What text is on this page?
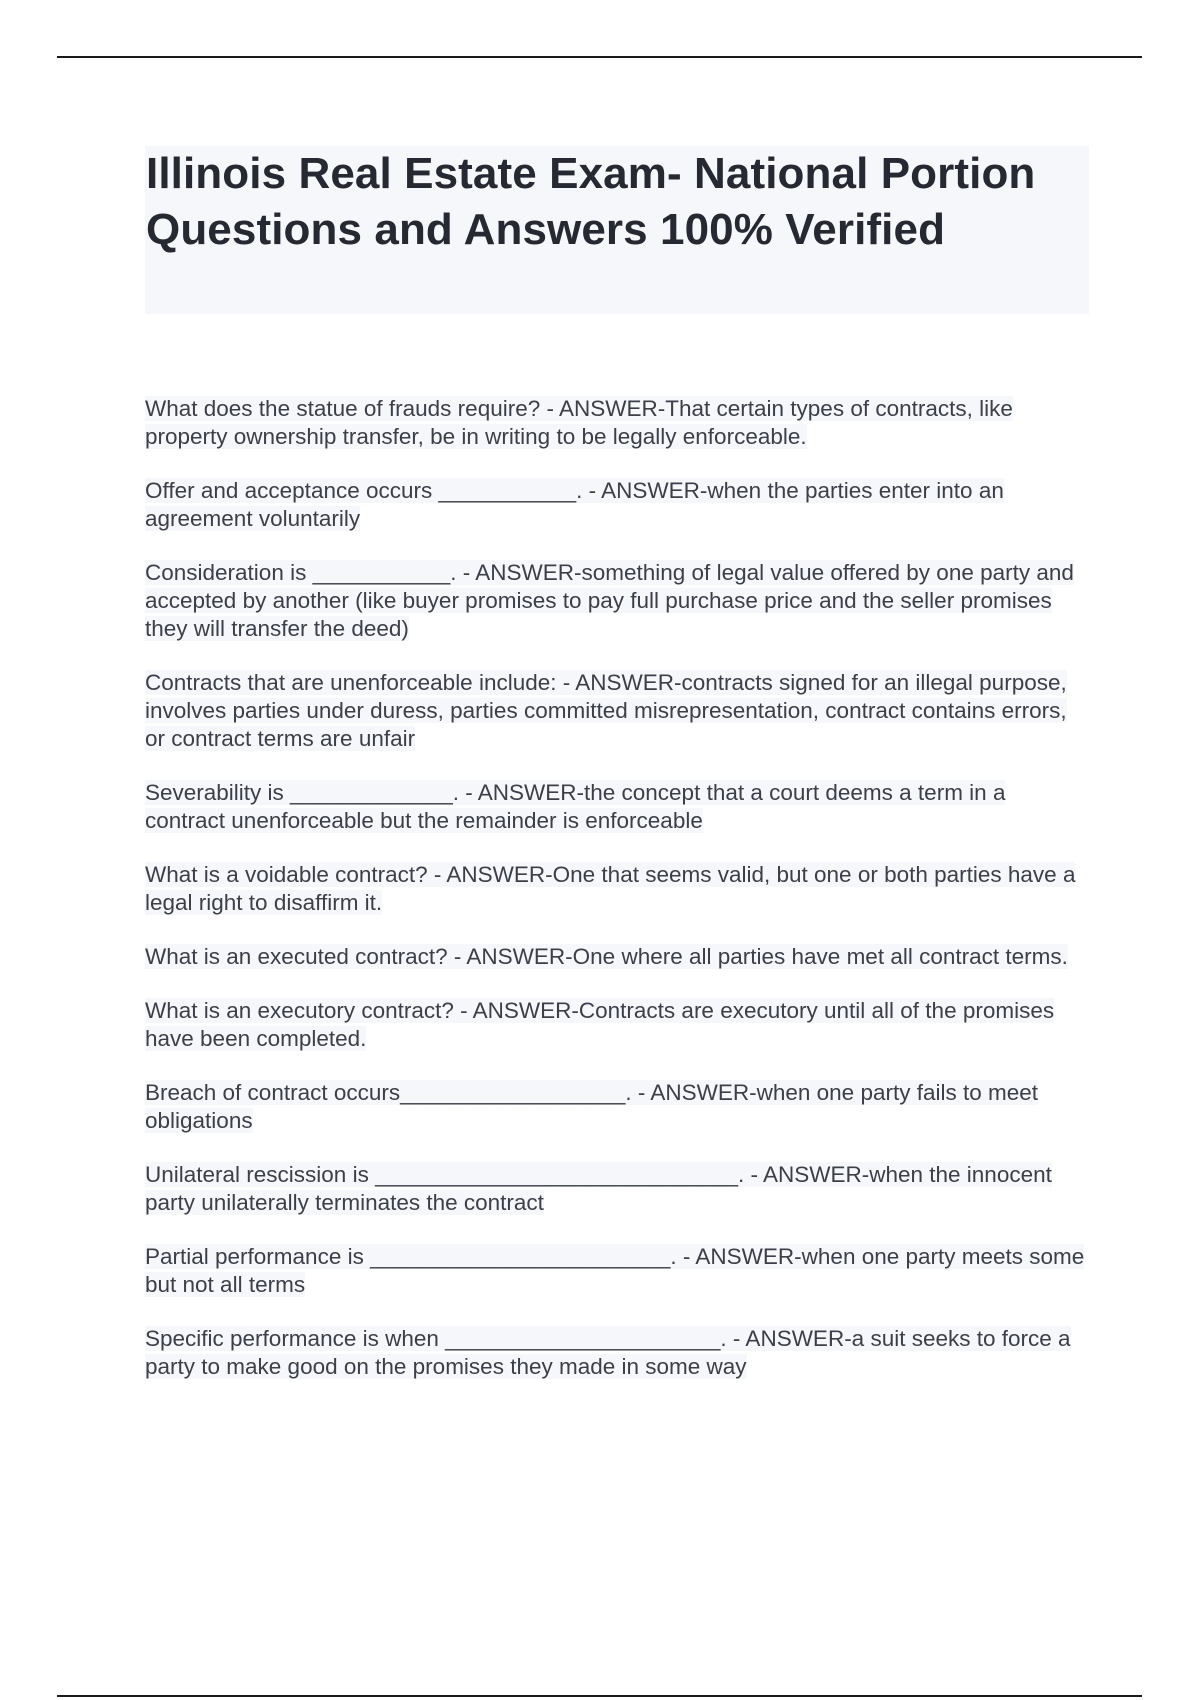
Illinois Real Estate Exam- National Portion Questions and Answers 100% Verified

What does the statue of frauds require? - ANSWER-That certain types of contracts, like property ownership transfer, be in writing to be legally enforceable.

Offer and acceptance occurs ___________. - ANSWER-when the parties enter into an agreement voluntarily

Consideration is ___________. - ANSWER-something of legal value offered by one party and accepted by another (like buyer promises to pay full purchase price and the seller promises they will transfer the deed)

Contracts that are unenforceable include: - ANSWER-contracts signed for an illegal purpose, involves parties under duress, parties committed misrepresentation, contract contains errors, or contract terms are unfair

Severability is _____________. - ANSWER-the concept that a court deems a term in a contract unenforceable but the remainder is enforceable

What is a voidable contract? - ANSWER-One that seems valid, but one or both parties have a legal right to disaffirm it.

What is an executed contract? - ANSWER-One where all parties have met all contract terms.

What is an executory contract? - ANSWER-Contracts are executory until all of the promises have been completed.

Breach of contract occurs__________________. - ANSWER-when one party fails to meet obligations

Unilateral rescission is _____________________________. - ANSWER-when the innocent party unilaterally terminates the contract

Partial performance is ________________________. - ANSWER-when one party meets some but not all terms

Specific performance is when ______________________. - ANSWER-a suit seeks to force a party to make good on the promises they made in some way
